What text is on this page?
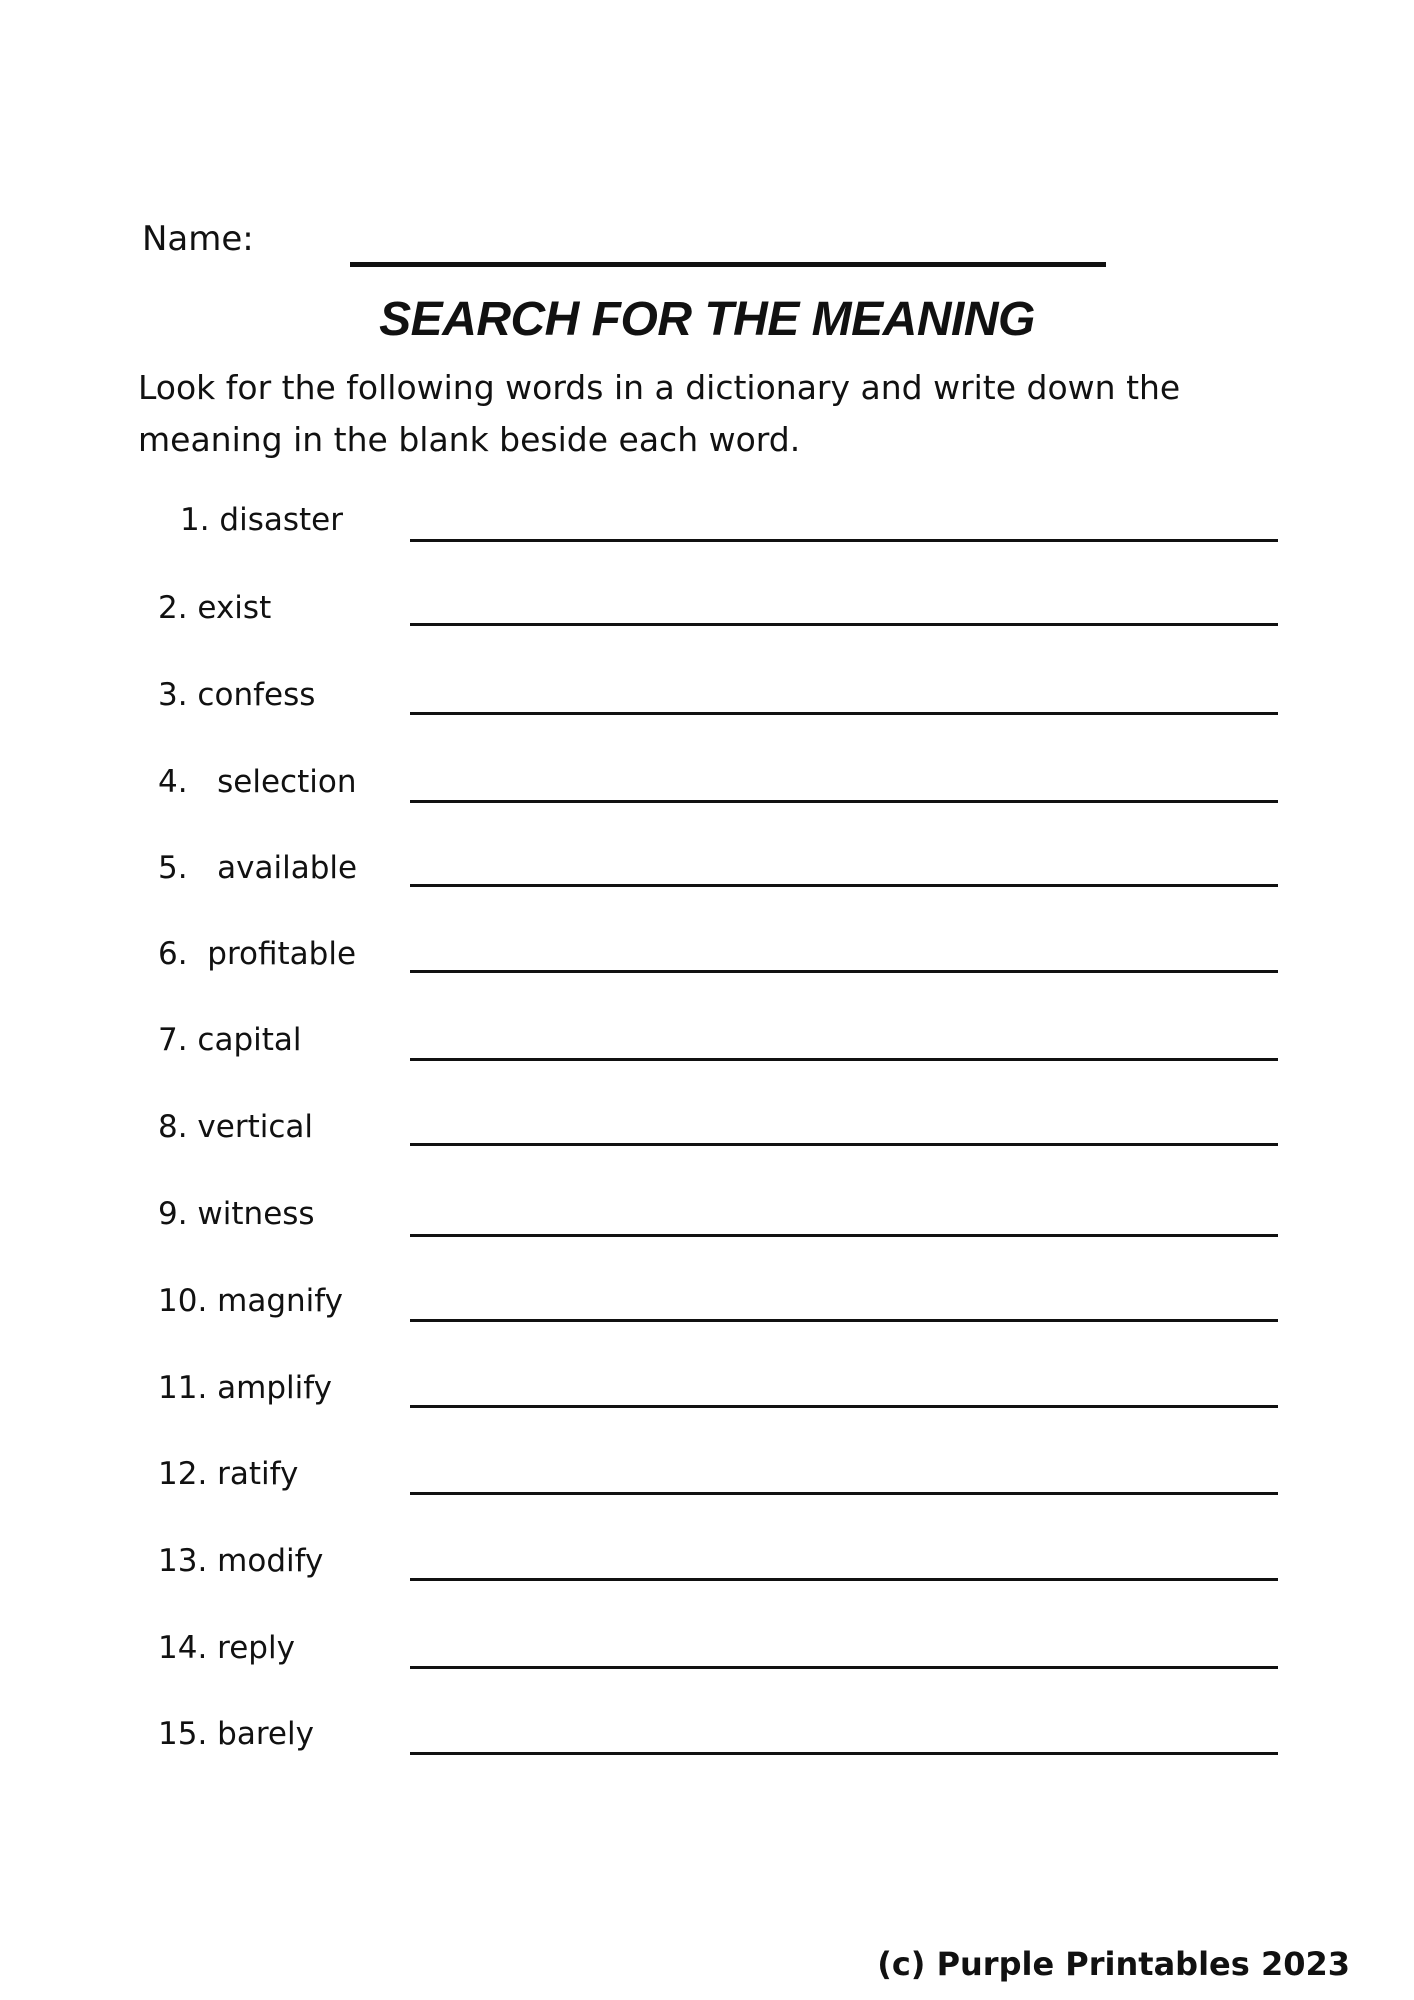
Name:
SEARCH FOR THE MEANING
Look for the following words in a dictionary and write down the meaning in the blank beside each word.
1. disaster
2. exist
3. confess
4.   selection
5.   available
6.  profitable
7. capital
8. vertical
9. witness
10. magnify
11. amplify
12. ratify
13. modify
14. reply
15. barely
(c) Purple Printables 2023
